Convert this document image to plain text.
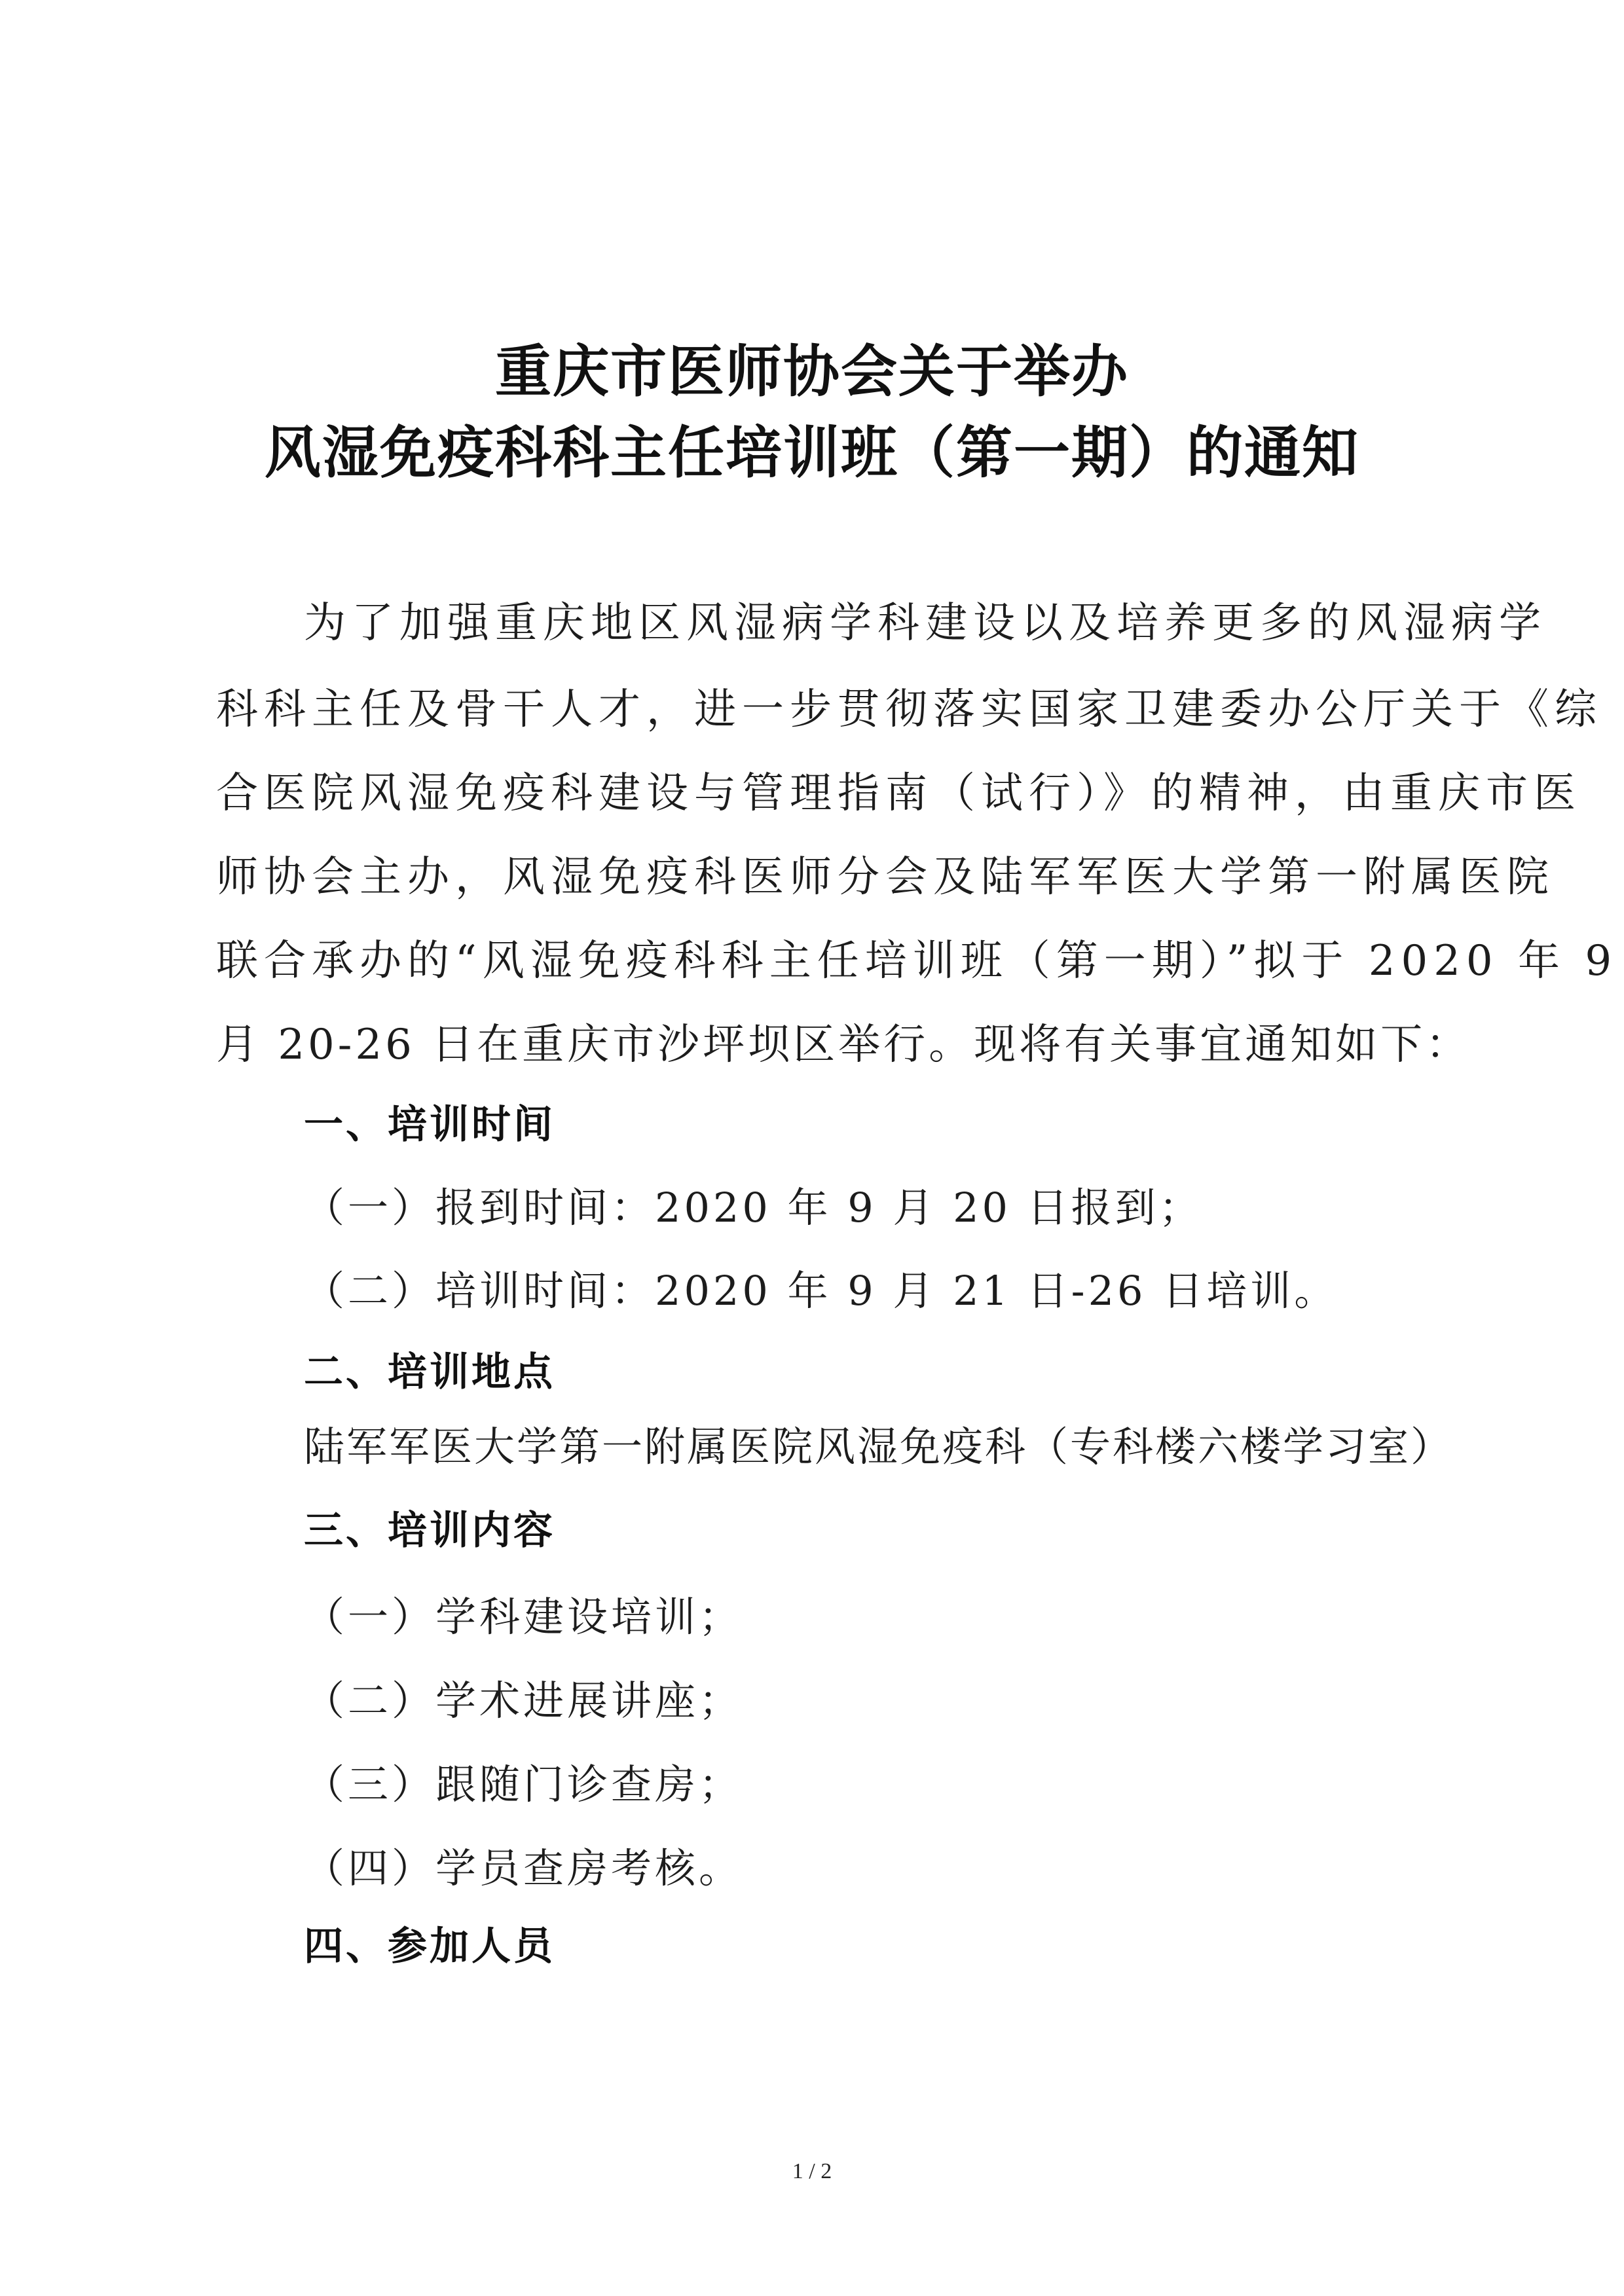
重庆市医师协会关于举办
风湿免疫科科主任培训班（第一期）的通知
为了加强重庆地区风湿病学科建设以及培养更多的风湿病学
科科主任及骨干人才，进一步贯彻落实国家卫建委办公厅关于《综
合医院风湿免疫科建设与管理指南（试行）》的精神，由重庆市医
师协会主办，风湿免疫科医师分会及陆军军医大学第一附属医院
联合承办的“风湿免疫科科主任培训班（第一期）”拟于 2020 年 9
月 20-26 日在重庆市沙坪坝区举行。现将有关事宜通知如下：
一、培训时间
（一）报到时间：2020 年 9 月 20 日报到；
（二）培训时间：2020 年 9 月 21 日-26 日培训。
二、培训地点
陆军军医大学第一附属医院风湿免疫科（专科楼六楼学习室）
三、培训内容
（一）学科建设培训；
（二）学术进展讲座；
（三）跟随门诊查房；
（四）学员查房考核。
四、参加人员
1 / 2
